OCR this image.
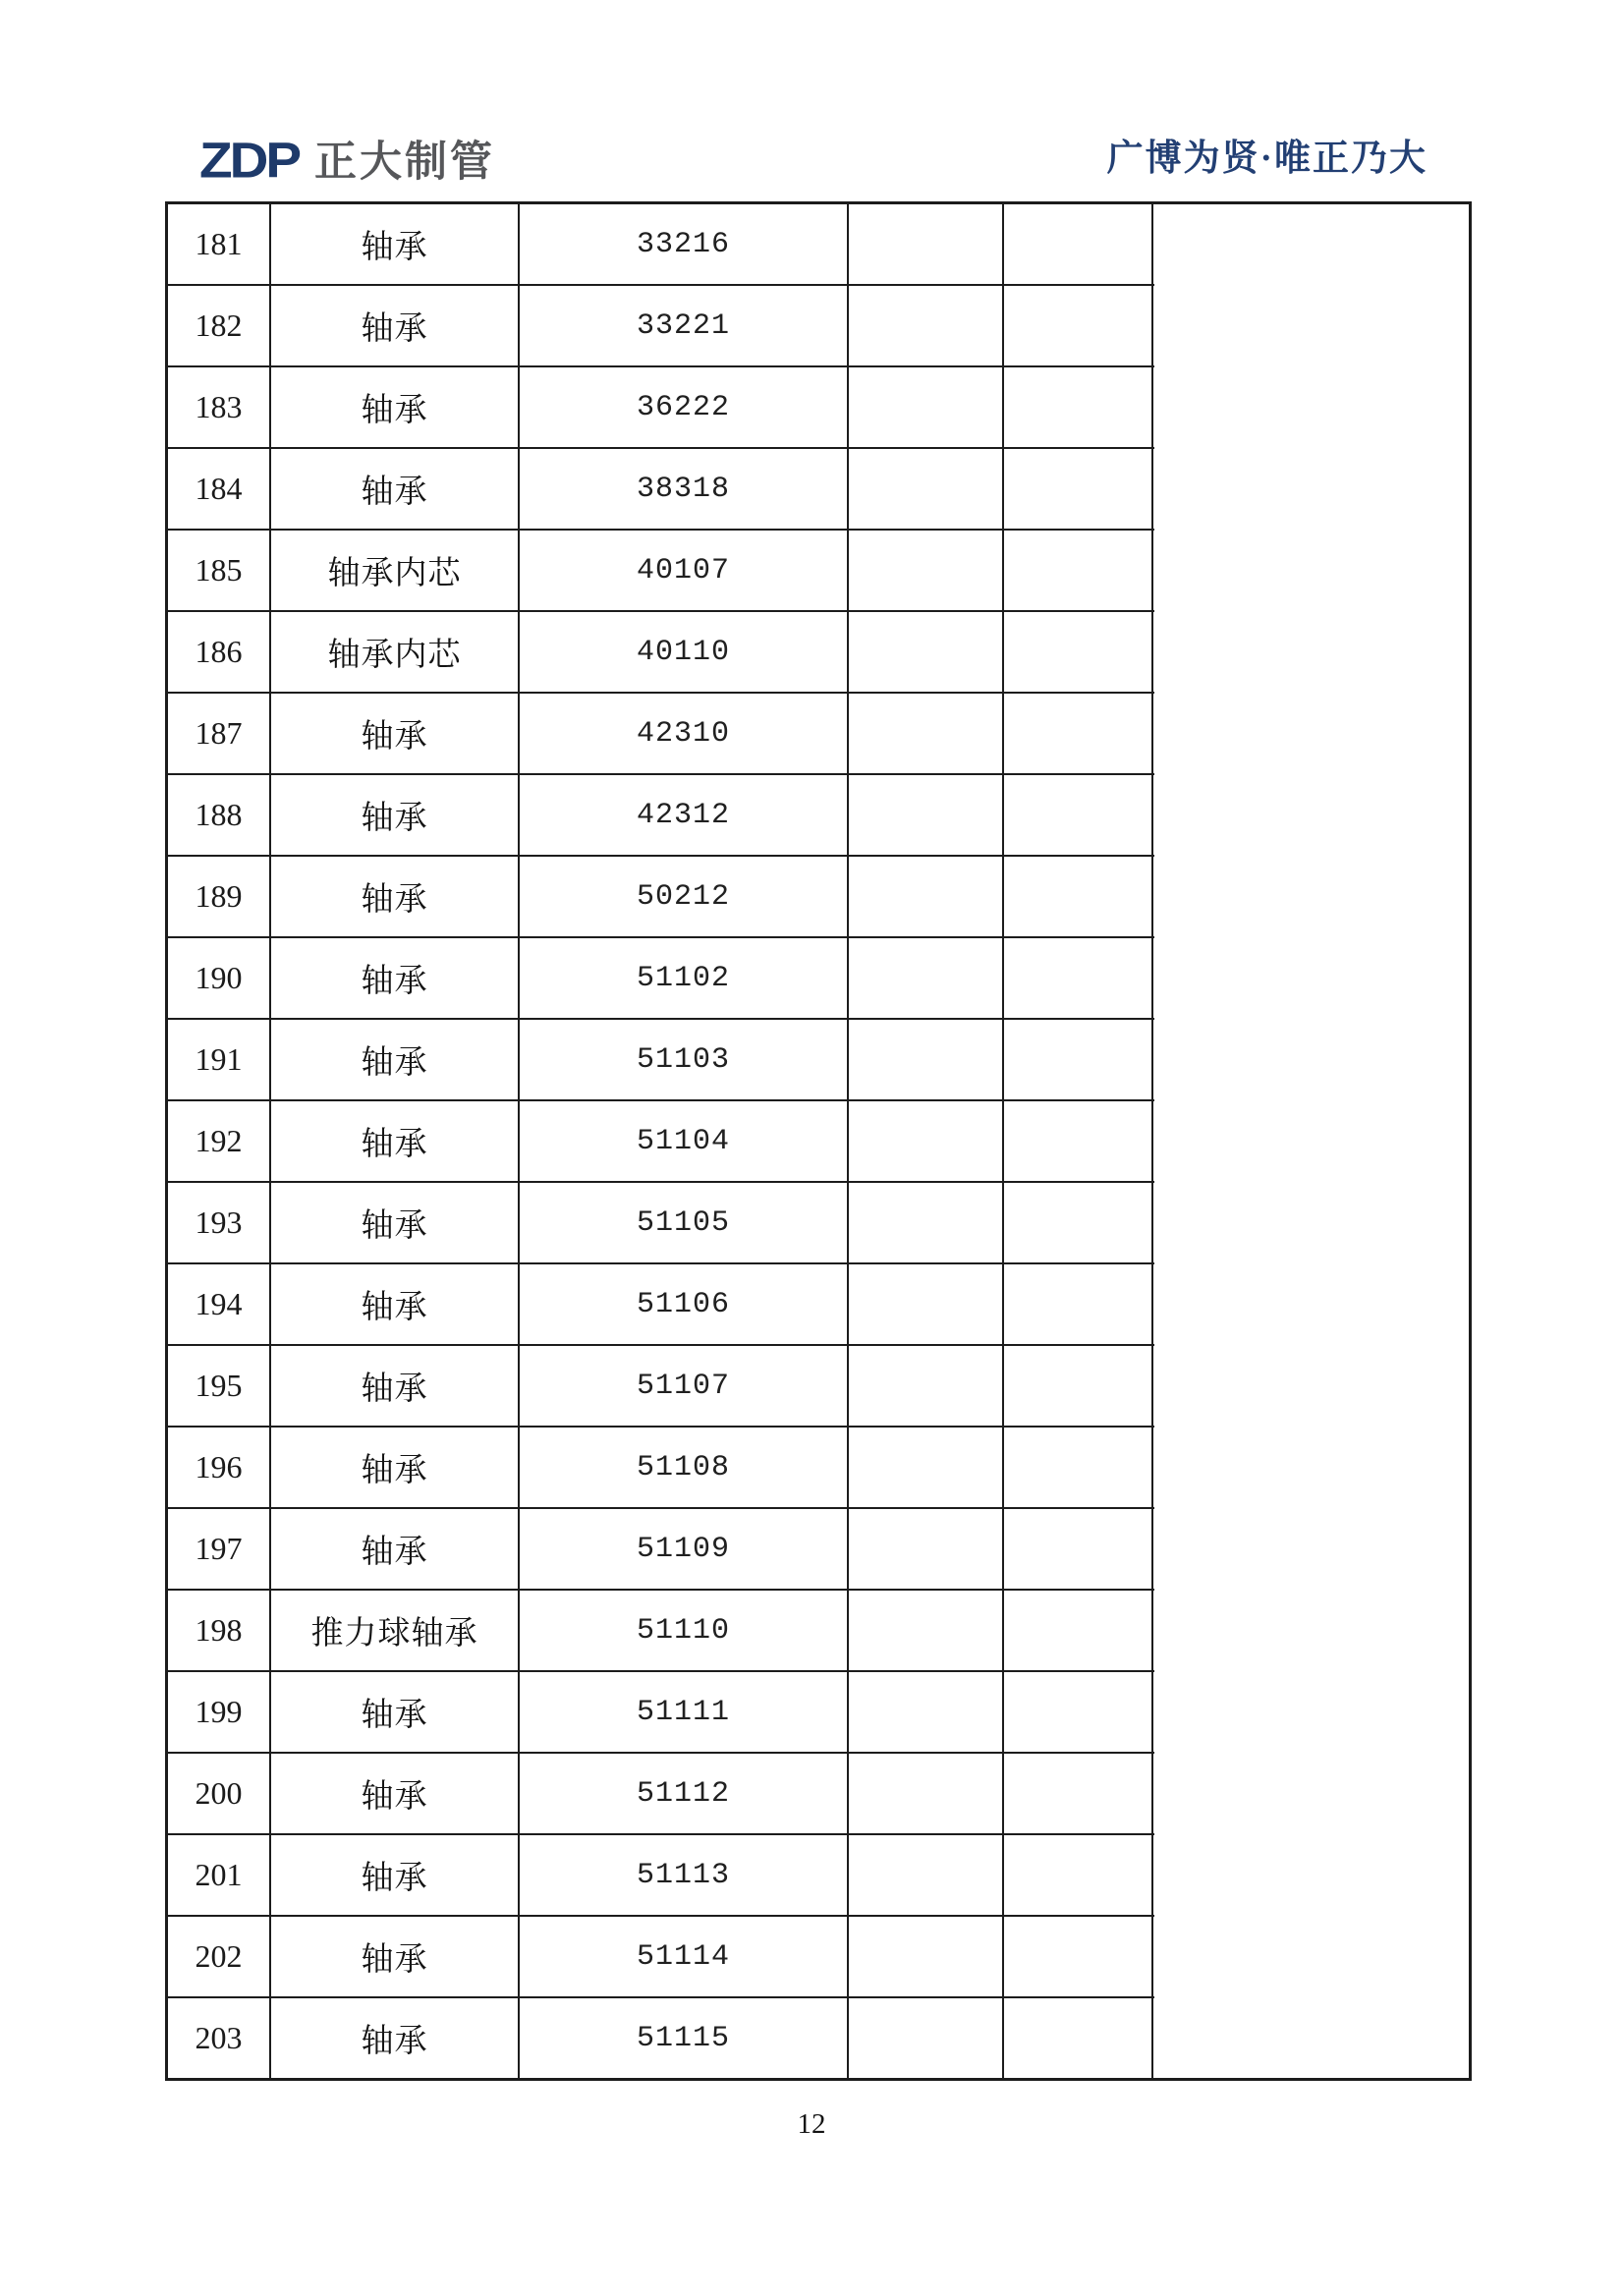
ZDP 正大制管	广博为贤·唯正乃大
181	轴承	33216
182	轴承	33221
183	轴承	36222
184	轴承	38318
185	轴承内芯	40107
186	轴承内芯	40110
187	轴承	42310
188	轴承	42312
189	轴承	50212
190	轴承	51102
191	轴承	51103
192	轴承	51104
193	轴承	51105
194	轴承	51106
195	轴承	51107
196	轴承	51108
197	轴承	51109
198	推力球轴承	51110
199	轴承	51111
200	轴承	51112
201	轴承	51113
202	轴承	51114
203	轴承	51115
12
